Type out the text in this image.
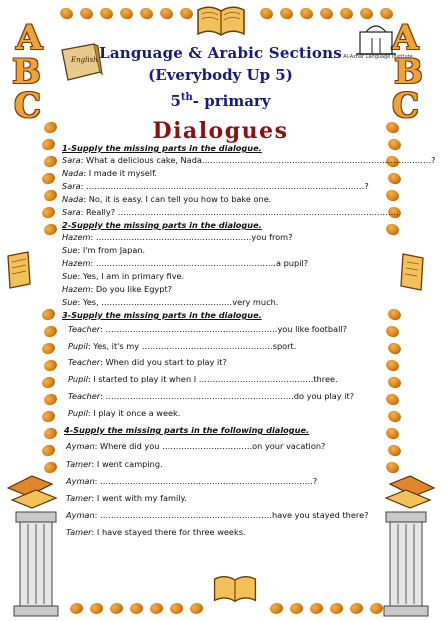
A
B
C
A
B
C
English	Al-Azhar Language Institute
Language & Arabic Sections
(Everybody Up 5)
5th- primary
Dialogues
1-Supply the missing parts in the dialogue.
Sara: What a delicious cake, Nada…………………………………………………………………………?
Nada: I made it myself.
Sara: …………………………………………………………………………………………?
Nada: No, it is easy. I can tell you how to bake one.
Sara: Really? ………………………………………………………………………………………….
2-Supply the missing parts in the dialogue.
Hazem: …………………………………………………you from?
Sue: I'm from Japan.
Hazem: …………………………………………………………a pupil?
Sue: Yes, I am in primary five.
Hazem: Do you like Egypt?
Sue: Yes, …………………………………………very much.
3-Supply the missing parts in the dialogue.
Teacher: ………………………………………………………you like football?
Pupil: Yes, it's my …………………………………………sport.
Teacher: When did you start to play it?
Pupil: I started to play it when I ……………………………………three.
Teacher: ……………………………………………………………do you play it?
Pupil: I play it once a week.
4-Supply the missing parts in the following dialogue.
Ayman: Where did you ……………………………on your vacation?
Tamer: I went camping.
Ayman: ……………………………………………………………………?
Tamer: I went with my family.
Ayman: ………………………………………………………have you stayed there?
Tamer: I have stayed there for three weeks.
